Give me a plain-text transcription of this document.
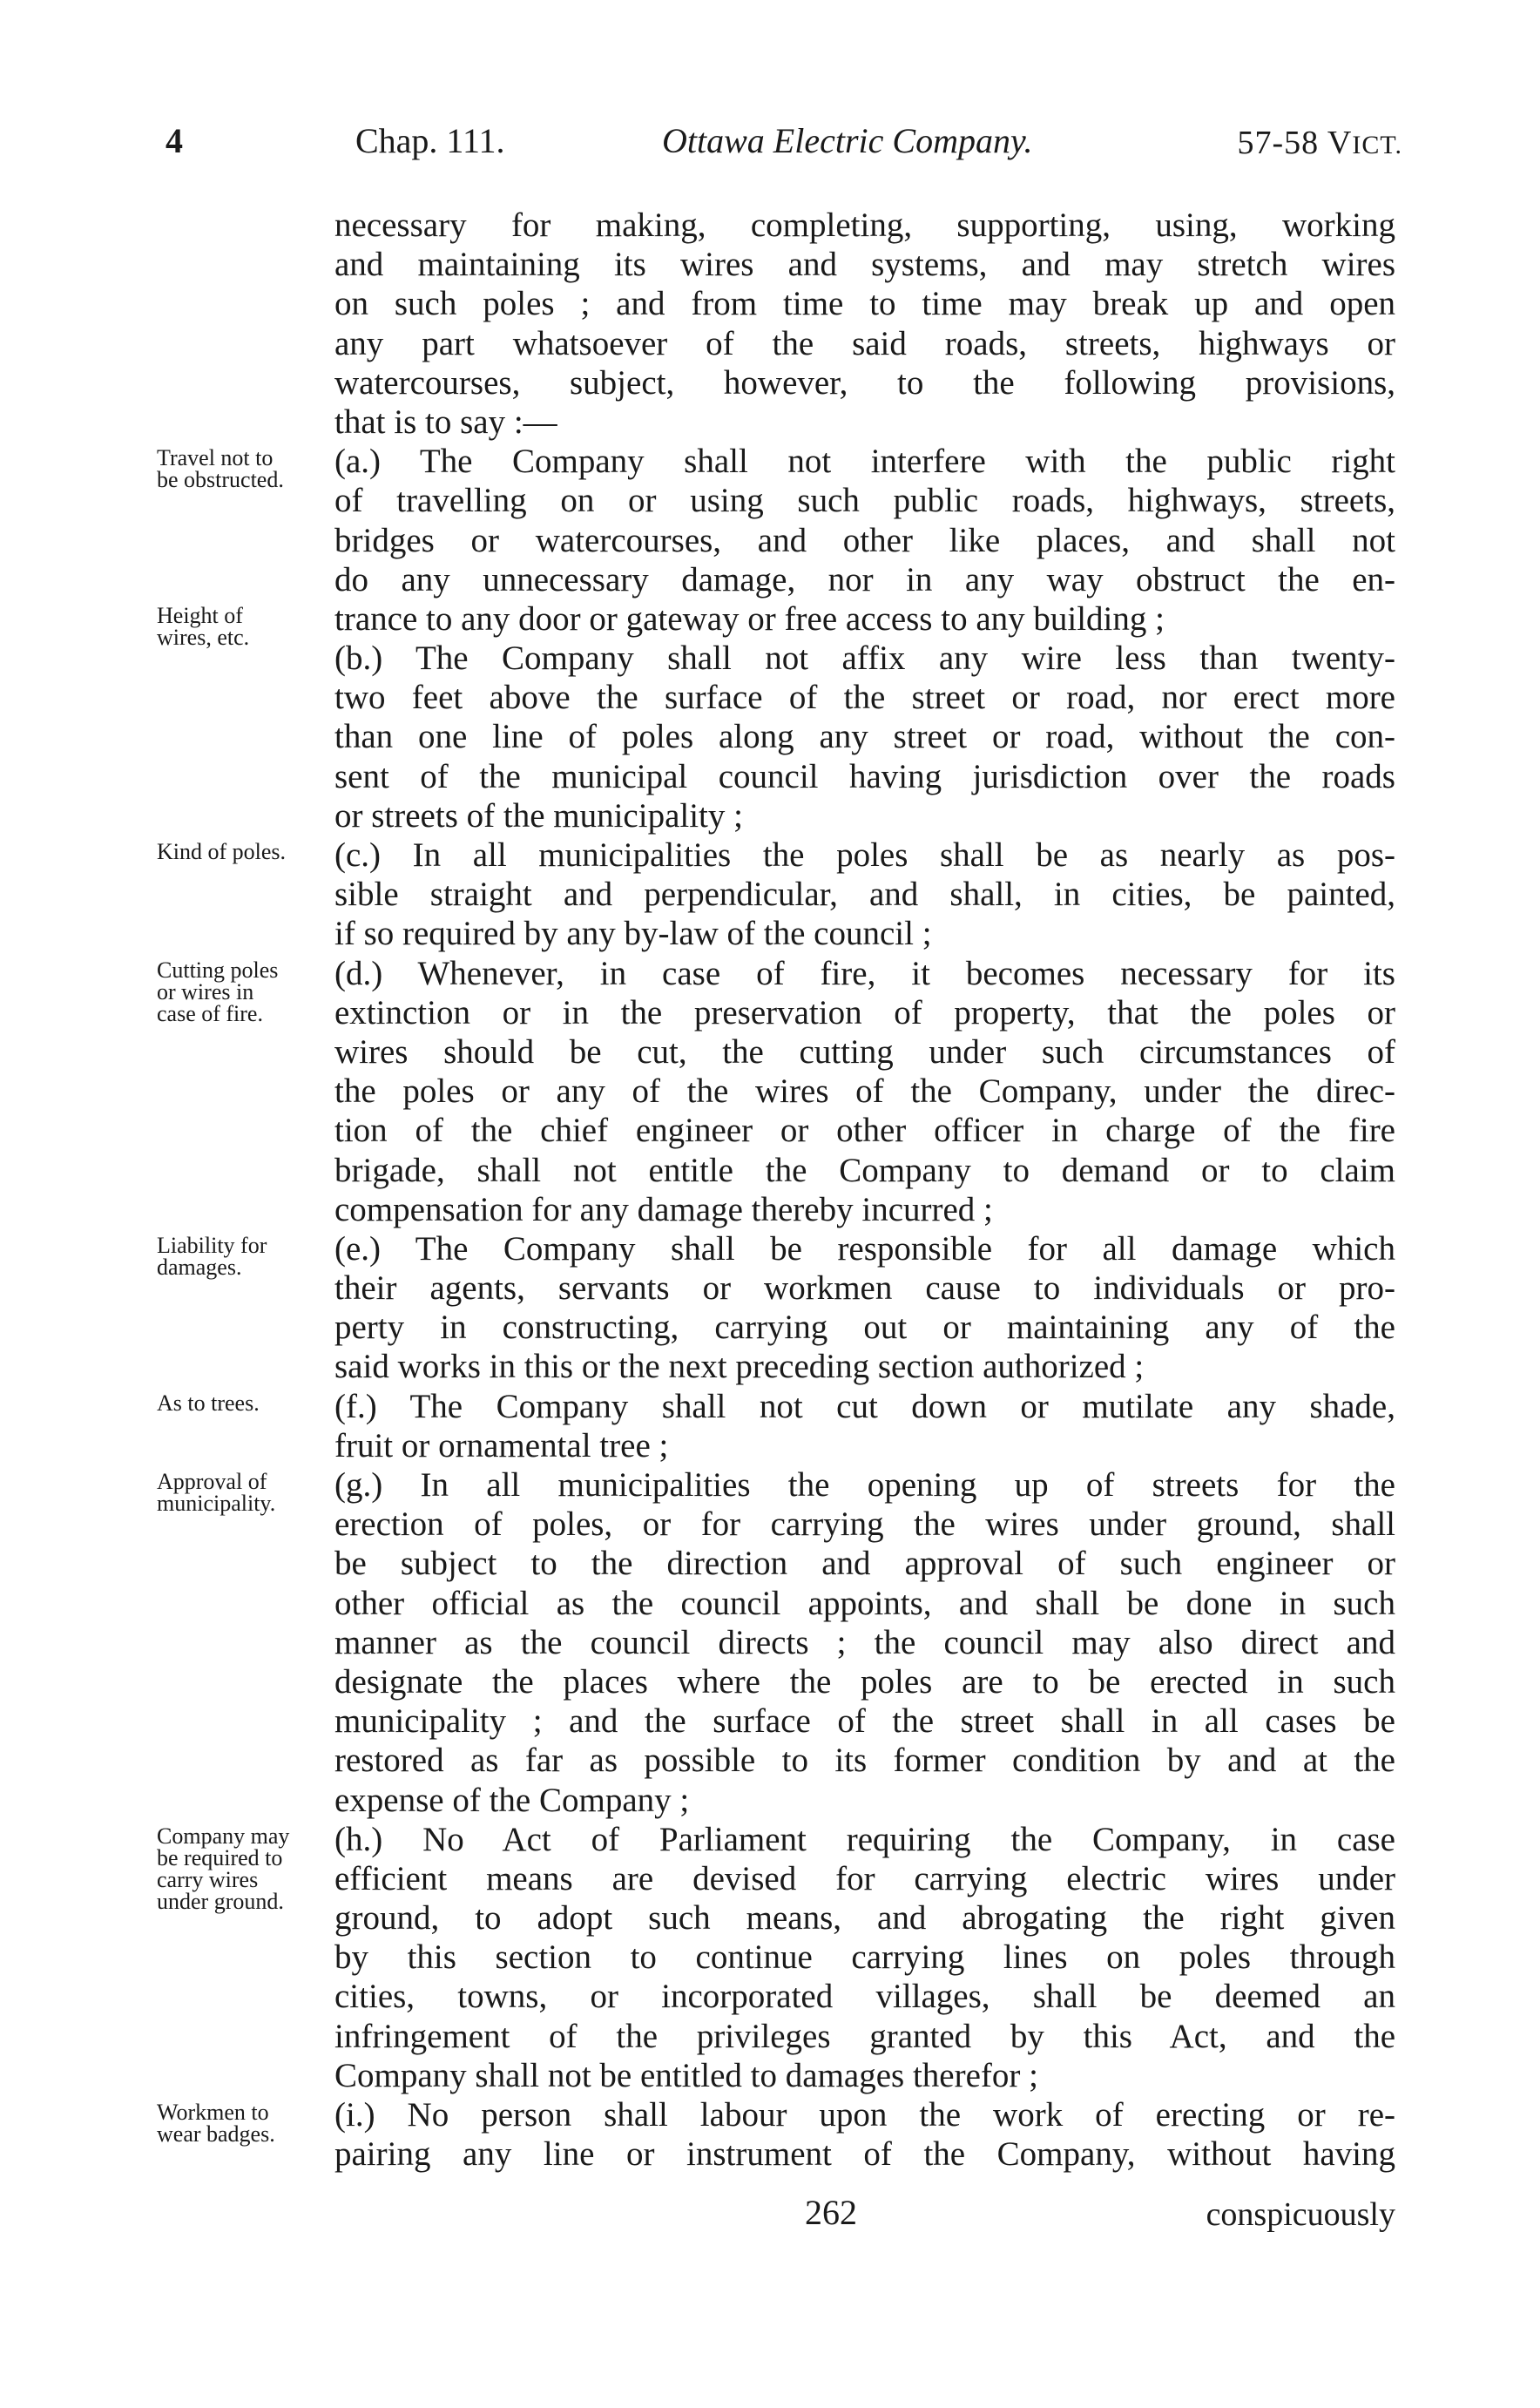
4	Chap. 111.	Ottawa Electric Company.	57-58 VICT.
Travel not to
be obstructed.
Height of
wires, etc.
Kind of poles.
Cutting poles
or wires in
case of fire.
Liability for
damages.
As to trees.
Approval of
municipality.
Company may
be required to
carry wires
under ground.
Workmen to
wear badges.
necessary for making, completing, supporting, using, working
and maintaining its wires and systems, and may stretch wires
on such poles ; and from time to time may break up and open
any part whatsoever of the said roads, streets, highways or
watercourses, subject, however, to the following provisions,
that is to say :—
(a.) The Company shall not interfere with the public right
of travelling on or using such public roads, highways, streets,
bridges or watercourses, and other like places, and shall not
do any unnecessary damage, nor in any way obstruct the en-
trance to any door or gateway or free access to any building ;
(b.) The Company shall not affix any wire less than twenty-
two feet above the surface of the street or road, nor erect more
than one line of poles along any street or road, without the con-
sent of the municipal council having jurisdiction over the roads
or streets of the municipality ;
(c.) In all municipalities the poles shall be as nearly as pos-
sible straight and perpendicular, and shall, in cities, be painted,
if so required by any by-law of the council ;
(d.) Whenever, in case of fire, it becomes necessary for its
extinction or in the preservation of property, that the poles or
wires should be cut, the cutting under such circumstances of
the poles or any of the wires of the Company, under the direc-
tion of the chief engineer or other officer in charge of the fire
brigade, shall not entitle the Company to demand or to claim
compensation for any damage thereby incurred ;
(e.) The Company shall be responsible for all damage which
their agents, servants or workmen cause to individuals or pro-
perty in constructing, carrying out or maintaining any of the
said works in this or the next preceding section authorized ;
(f.) The Company shall not cut down or mutilate any shade,
fruit or ornamental tree ;
(g.) In all municipalities the opening up of streets for the
erection of poles, or for carrying the wires under ground, shall
be subject to the direction and approval of such engineer or
other official as the council appoints, and shall be done in such
manner as the council directs ; the council may also direct and
designate the places where the poles are to be erected in such
municipality ; and the surface of the street shall in all cases be
restored as far as possible to its former condition by and at the
expense of the Company ;
(h.) No Act of Parliament requiring the Company, in case
efficient means are devised for carrying electric wires under
ground, to adopt such means, and abrogating the right given
by this section to continue carrying lines on poles through
cities, towns, or incorporated villages, shall be deemed an
infringement of the privileges granted by this Act, and the
Company shall not be entitled to damages therefor ;
(i.) No person shall labour upon the work of erecting or re-
pairing any line or instrument of the Company, without having
262	conspicuously
